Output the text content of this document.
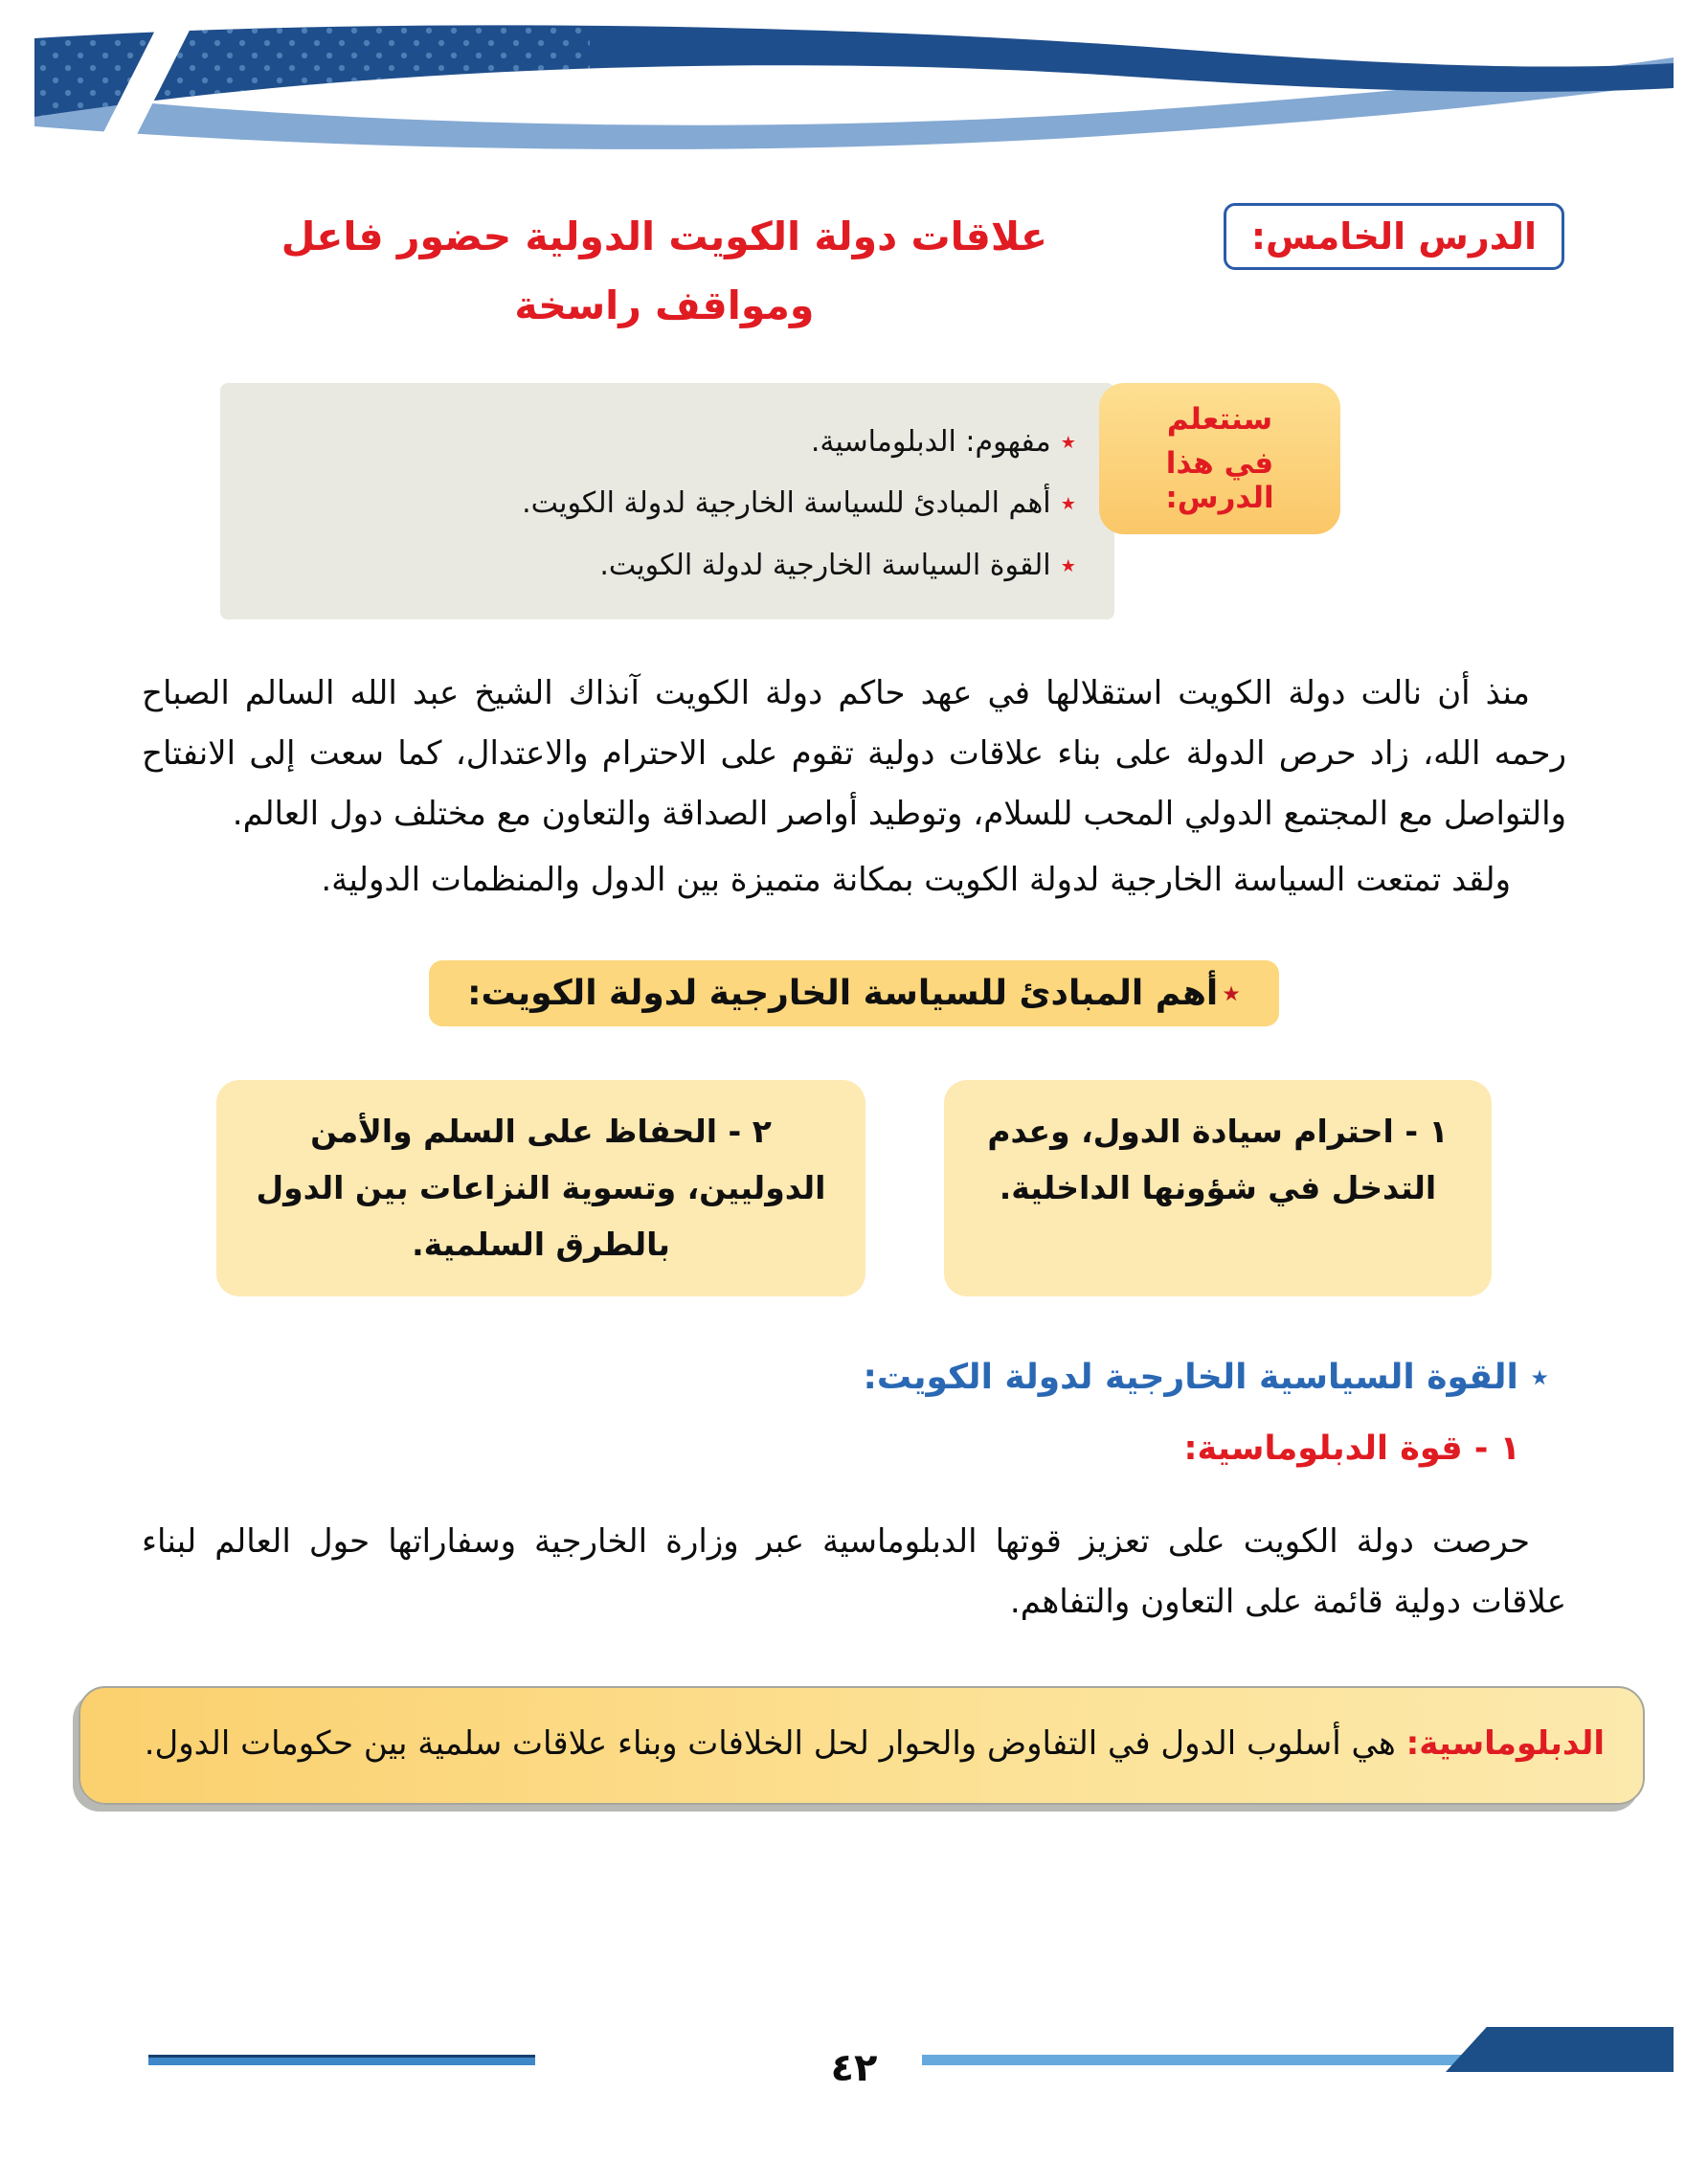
الدرس الخامس:
علاقات دولة الكويت الدولية حضور فاعل
ومواقف راسخة
سنتعلم
في هذا الدرس:
٭مفهوم: الدبلوماسية.
٭أهم المبادئ للسياسة الخارجية لدولة الكويت.
٭القوة السياسة الخارجية لدولة الكويت.

منذ أن نالت دولة الكويت استقلالها في عهد حاكم دولة الكويت آنذاك الشيخ عبد الله السالم الصباح رحمه الله، زاد حرص الدولة على بناء علاقات دولية تقوم على الاحترام والاعتدال، كما سعت إلى الانفتاح والتواصل مع المجتمع الدولي المحب للسلام، وتوطيد أواصر الصداقة والتعاون مع مختلف دول العالم.

ولقد تمتعت السياسة الخارجية لدولة الكويت بمكانة متميزة بين الدول والمنظمات الدولية.

٭أهم المبادئ للسياسة الخارجية لدولة الكويت:
١ - احترام سيادة الدول، وعدم التدخل في شؤونها الداخلية.
٢ - الحفاظ على السلم والأمن الدوليين، وتسوية النزاعات بين الدول بالطرق السلمية.
٭ القوة السياسية الخارجية لدولة الكويت:
١ - قوة الدبلوماسية:

حرصت دولة الكويت على تعزيز قوتها الدبلوماسية عبر وزارة الخارجية وسفاراتها حول العالم لبناء علاقات دولية قائمة على التعاون والتفاهم.

الدبلوماسية: هي أسلوب الدول في التفاوض والحوار لحل الخلافات وبناء علاقات سلمية بين حكومات الدول.
٤٢
